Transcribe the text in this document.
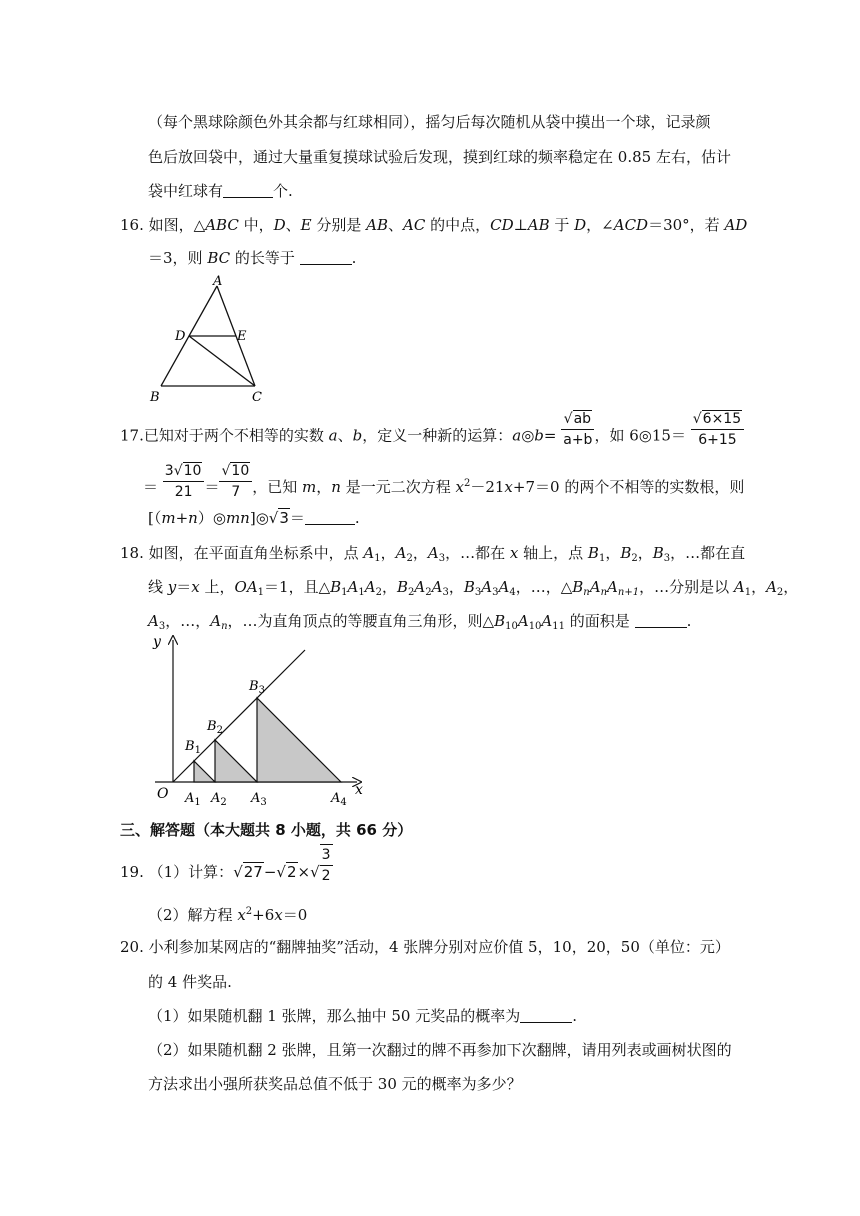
（每个黑球除颜色外其余都与红球相同），摇匀后每次随机从袋中摸出一个球，记录颜
色后放回袋中，通过大量重复摸球试验后发现，摸到红球的频率稳定在 0.85 左右，估计
袋中红球有	个.
16. 如图，△ABC 中，D、E 分别是 AB、AC 的中点，CD⊥AB 于 D，∠ACD＝30°，若 AD
＝3，则 BC 的长等于	.
A
D	E
B	C
17.已知对于两个不相等的实数 a、b，定义一种新的运算：a◎b= $\frac{√ab}{a+b}$ ，如 6◎15＝ $\frac{√6\times 15}{6+15}$
＝ $\frac{3√10}{21} = \frac{√10}{7}$ ，已知 m，n 是一元二次方程 $x^2-21x+7=0$ 的两个不相等的实数根，则
[（m+n）◎mn]◎√3＝	.
18. 如图，在平面直角坐标系中，点 $A_1$，$A_2$，$A_3$，…都在 x 轴上，点 $B_1$，$B_2$，$B_3$，…都在直
线 y＝x 上，$OA_1=1$，且$\triangle B_1A_1A_2$，$B_2A_2A_3$，$B_3A_3A_4$，…，$\triangle B_nA_nA_{n+1}$，…分别是以 $A_1$，$A_2$，
$A_3$，…，$A_n$，…为直角顶点的等腰直角三角形，则$\triangle B_{10}A_{10}A_{11}$ 的面积是	.
y
x
O $A_1$ $A_2$ $A_3$	$A_4$
$B_1$
$B_2$
$B_3$
三、解答题（本大题共 8 小题，共 66 分）
19. （1）计算：$√27-√2\times√ \frac{3}{2}$
（2）解方程 $x^2+6x=0$
20. 小利参加某网店的“翻牌抽奖”活动，4 张牌分别对应价值 5，10，20，50（单位：元）
的 4 件奖品.
（1）如果随机翻 1 张牌，那么抽中 50 元奖品的概率为	.
（2）如果随机翻 2 张牌，且第一次翻过的牌不再参加下次翻牌，请用列表或画树状图的
方法求出小强所获奖品总值不低于 30 元的概率为多少？
